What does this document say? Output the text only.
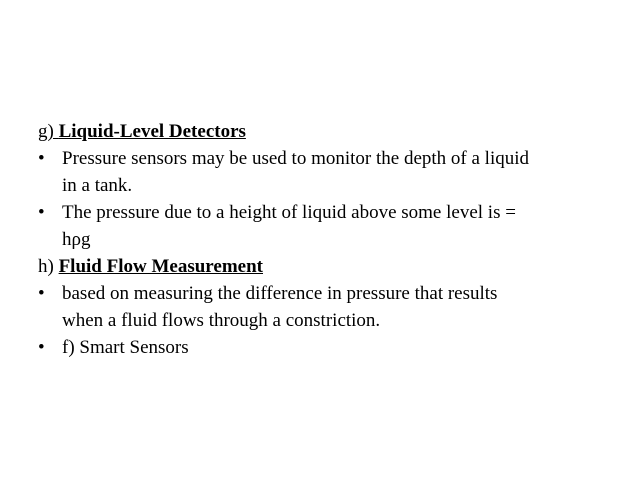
g) Liquid-Level Detectors
• Pressure sensors may be used to monitor the depth of a liquid
in a tank.
• The pressure due to a height of liquid above some level is =
hρg
h) Fluid Flow Measurement
• based on measuring the difference in pressure that results
when a fluid flows through a constriction.
• f) Smart Sensors
